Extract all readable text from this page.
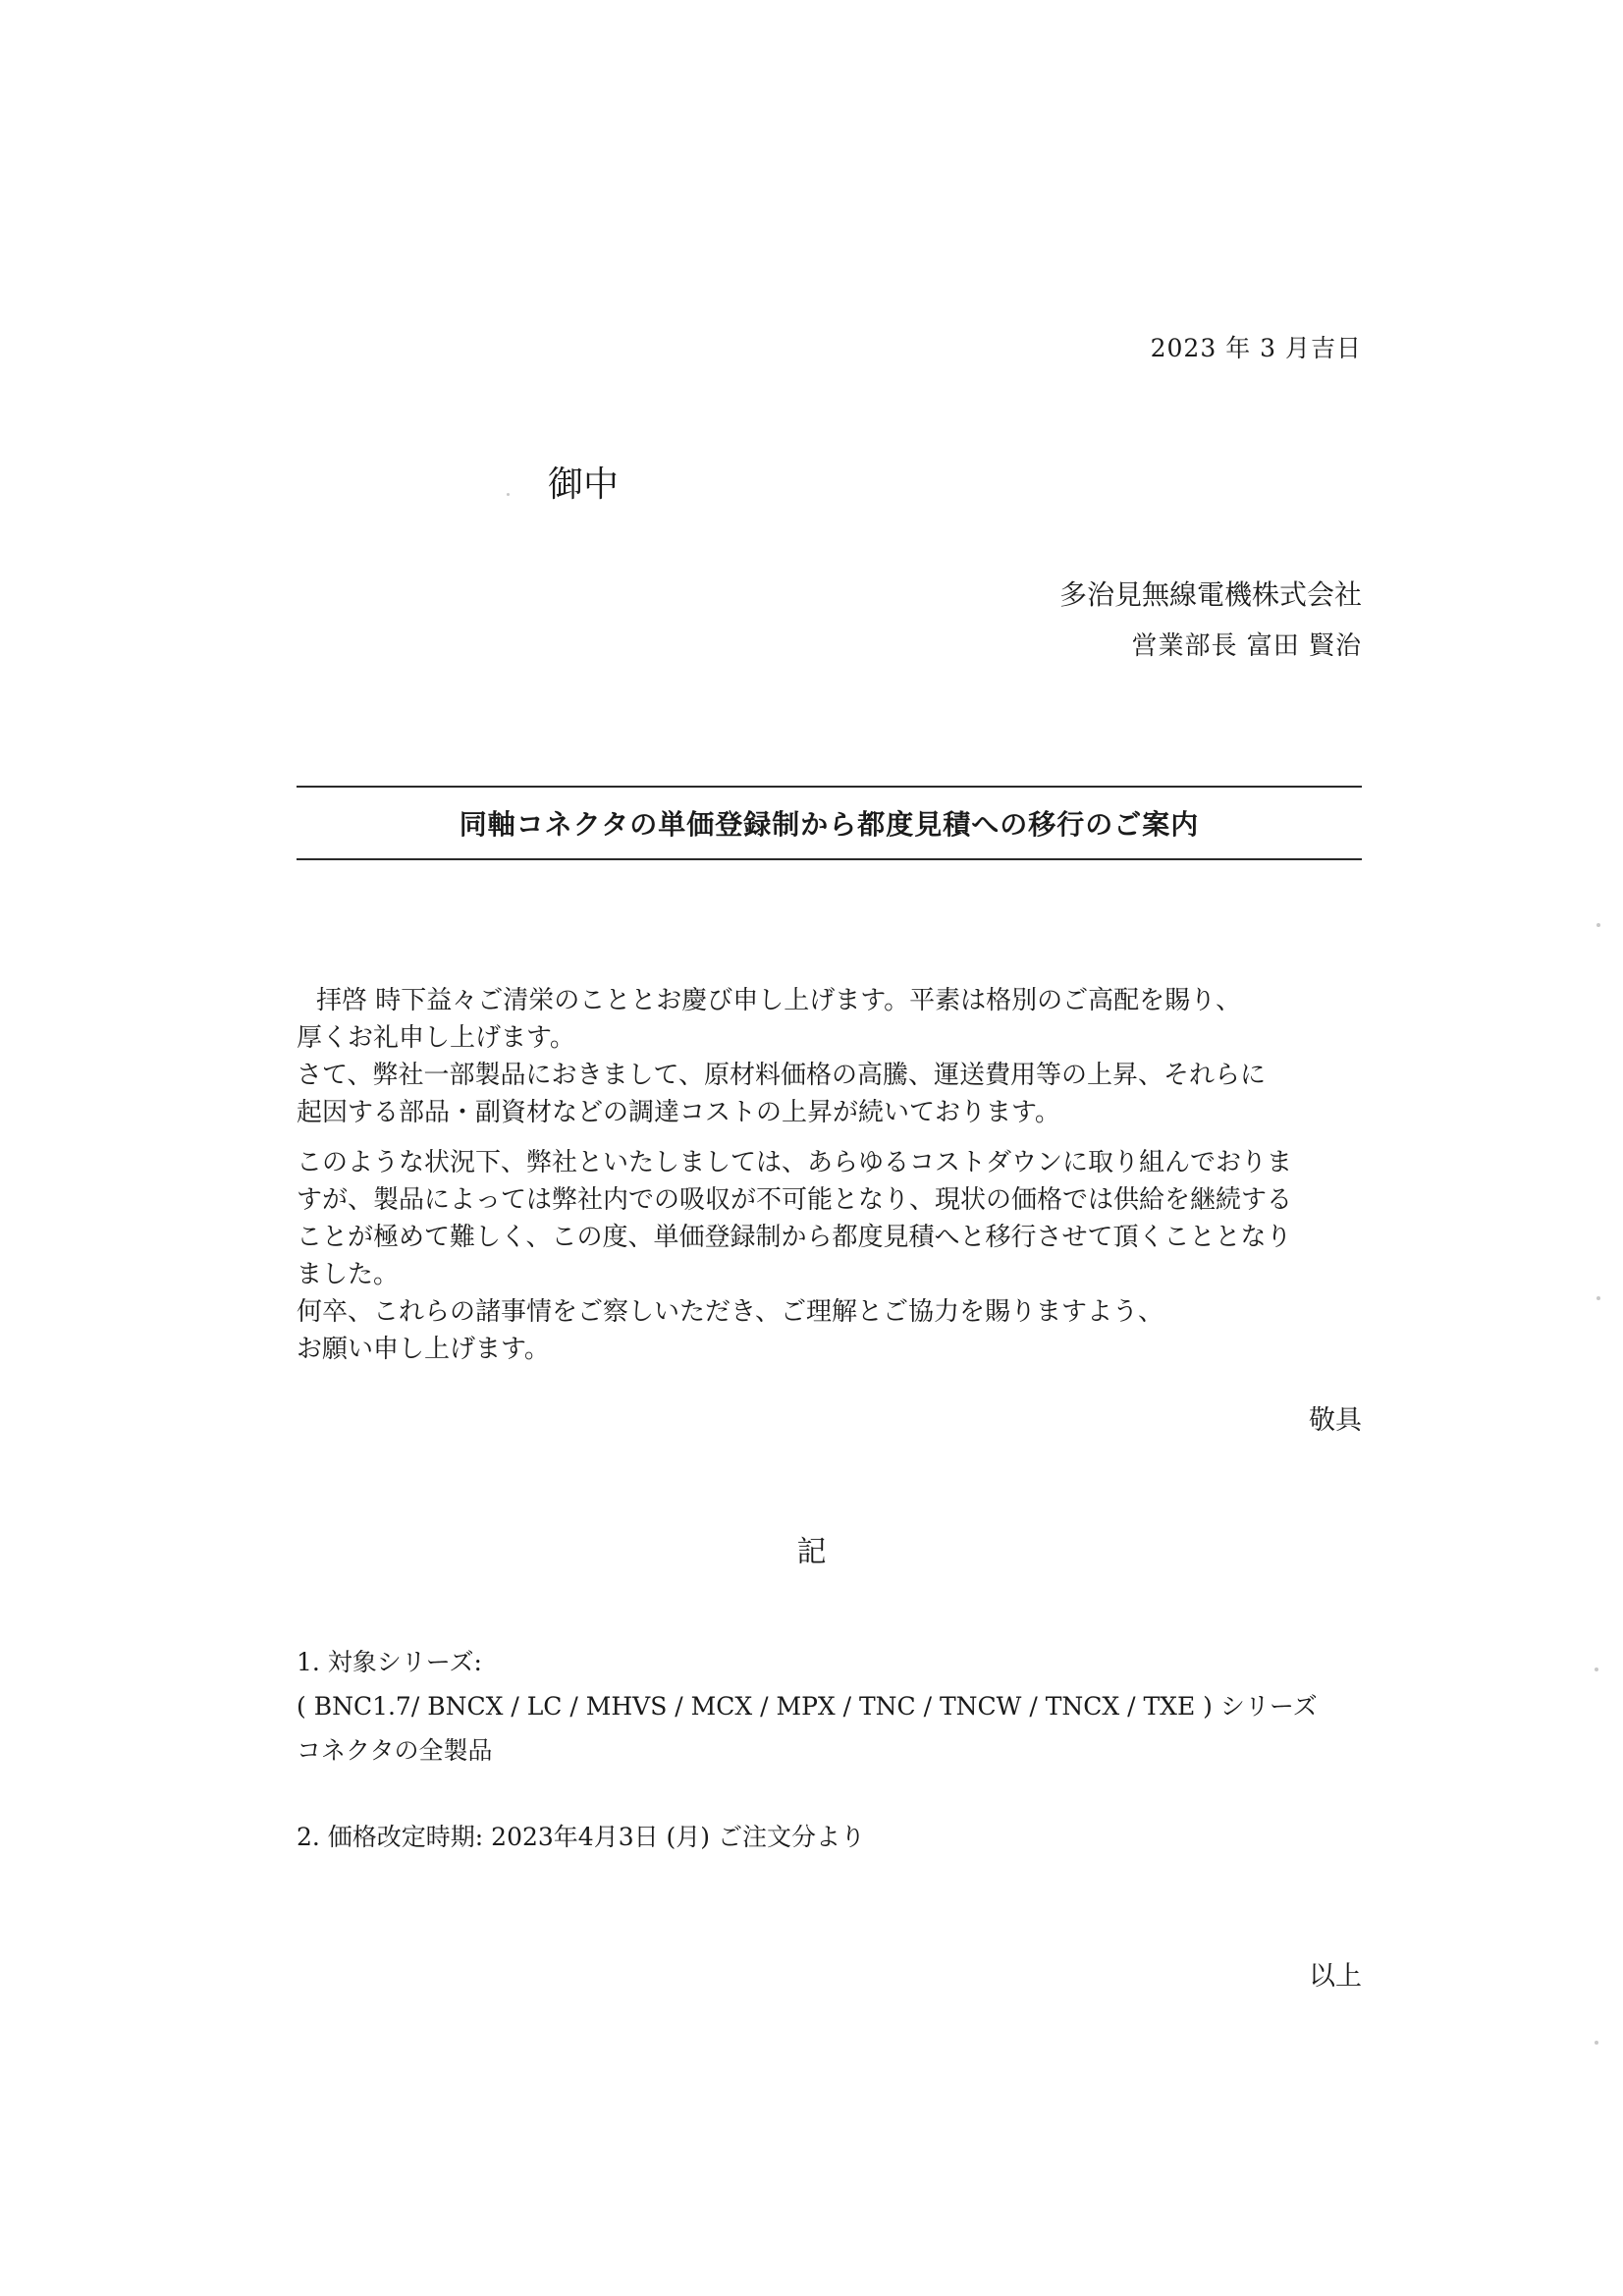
2023 年 3 月吉日
御中
多治見無線電機株式会社
営業部長 富田 賢治
同軸コネクタの単価登録制から都度見積への移行のご案内
拝啓 時下益々ご清栄のこととお慶び申し上げます。平素は格別のご高配を賜り、
厚くお礼申し上げます。
さて、弊社一部製品におきまして、原材料価格の高騰、運送費用等の上昇、それらに
起因する部品・副資材などの調達コストの上昇が続いております。
このような状況下、弊社といたしましては、あらゆるコストダウンに取り組んでおりま
すが、製品によっては弊社内での吸収が不可能となり、現状の価格では供給を継続する
ことが極めて難しく、この度、単価登録制から都度見積へと移行させて頂くこととなり
ました。
何卒、これらの諸事情をご察しいただき、ご理解とご協力を賜りますよう、
お願い申し上げます。
敬具
記
1. 対象シリーズ:
( BNC1.7/ BNCX / LC / MHVS / MCX / MPX / TNC / TNCW / TNCX / TXE ) シリーズ
コネクタの全製品
2. 価格改定時期: 2023年4月3日 (月) ご注文分より
以上
